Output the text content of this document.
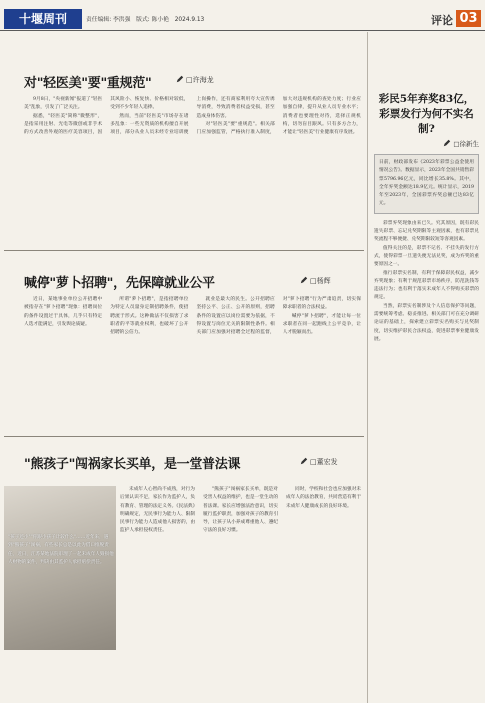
十堰周刊	责任编辑: 李洪强　版式: 陈小艳　2024.9.13	评论 03
对"轻医美"要"重规范"	□许海龙

9月8日，"央视新闻"报道了"轻医美"乱象，引发了广泛关注。

据悉，"轻医美"简称"微整形"，是指采用注射、光电等微创或非手术的方式改善外观的医疗美容项目，因其风险小、恢复快、价格相对较低，受到不少年轻人追捧。

然而，当前"轻医美"市场存在诸多乱象：一些无资质的机构擅自开展项目，部分从业人员未经专业培训便上岗操作，还有商家利用夸大宣传诱导消费，导致消费者权益受损，甚至造成身体伤害。

对"轻医美"要"重规范"。相关部门应加强监管，严格执行准入制度，加大对违规机构的查处力度；行业应加强自律，提升从业人员专业水平；消费者也要理性对待，选择正规机构，切勿盲目跟风。只有多方合力，才能让"轻医美"行业健康有序发展。

喊停"萝卜招聘"，先保障就业公平	□杨辉

近日，某地事业单位公开招聘中被指存在"萝卜招聘"现象：招聘岗位的条件设置过于具体，几乎只有特定人选才能满足，引发舆论质疑。

所谓"萝卜招聘"，是指招聘单位为特定人员量身定制招聘条件，使招聘流于形式。这种做法不仅损害了求职者的平等就业权利，也破坏了公开招聘的公信力。

就业是最大的民生。公开招聘应坚持公平、公正、公开的原则，招聘条件的设置应以岗位需要为依据，不得设置与岗位无关的限制性条件。相关部门应加强对招聘全过程的监督，对"萝卜招聘"行为严肃追责，切实保障求职者的合法权益。

喊停"萝卜招聘"，才能让每一位求职者在同一起跑线上公平竞争，让人才脱颖而出。

"熊孩子"闯祸家长买单，是一堂普法课	□董宏发
"孩子还小""你跟小孩子计较什么"……近年来，遇到"熊孩子"闯祸，有些家长总是以此为借口推脱责任。近日，江苏某地法院审理了一起未成年人毁损他人财物的案件，判决由其监护人承担赔偿责任。

未成年人心智尚不成熟，对行为后果认识不足，家长作为监护人，负有教育、管理的法定义务。《民法典》明确规定，无民事行为能力人、限制民事行为能力人造成他人损害的，由监护人承担侵权责任。

"熊孩子"闯祸家长买单，既是对受害人权益的维护，也是一堂生动的普法课。家长应增强法治意识，切实履行监护职责，加强对孩子的教育引导，让孩子从小养成尊重他人、遵纪守法的良好习惯。

同时，学校和社会也应加强对未成年人的法治教育，共同营造有利于未成年人健康成长的良好环境。

彩民5年弃奖83亿，彩票发行为何不实名制?
□徐新生
日前，财政部发布《2023年彩票公益金使用情况公告》。数据显示，2023年全国共销售彩票5796.96亿元，同比增长35.8%。其中，全年弃奖金额达18.9亿元。统计显示，2019年至2023年，全国彩票弃奖总额已达83亿元。

彩票弃奖现象由来已久。究其原因，既有彩民遗失彩票、忘记兑奖期限等主观因素，也有彩票兑奖流程不够便捷、兑奖期限较短等客观因素。

值得关注的是，彩票不记名、不挂失的发行方式，使得彩票一旦遗失便无法兑奖，成为弃奖的重要原因之一。

推行彩票实名制，有利于保障彩民权益，减少弃奖现象；有利于规范彩票市场秩序，防范洗钱等违法行为；也有利于落实未成年人不得购买彩票的规定。

当然，彩票实名制涉及个人信息保护等问题，需要统筹考虑、稳妥推进。相关部门可在充分调研论证的基础上，探索建立彩票实名购买与兑奖制度，切实维护彩民合法权益，促进彩票事业健康发展。
